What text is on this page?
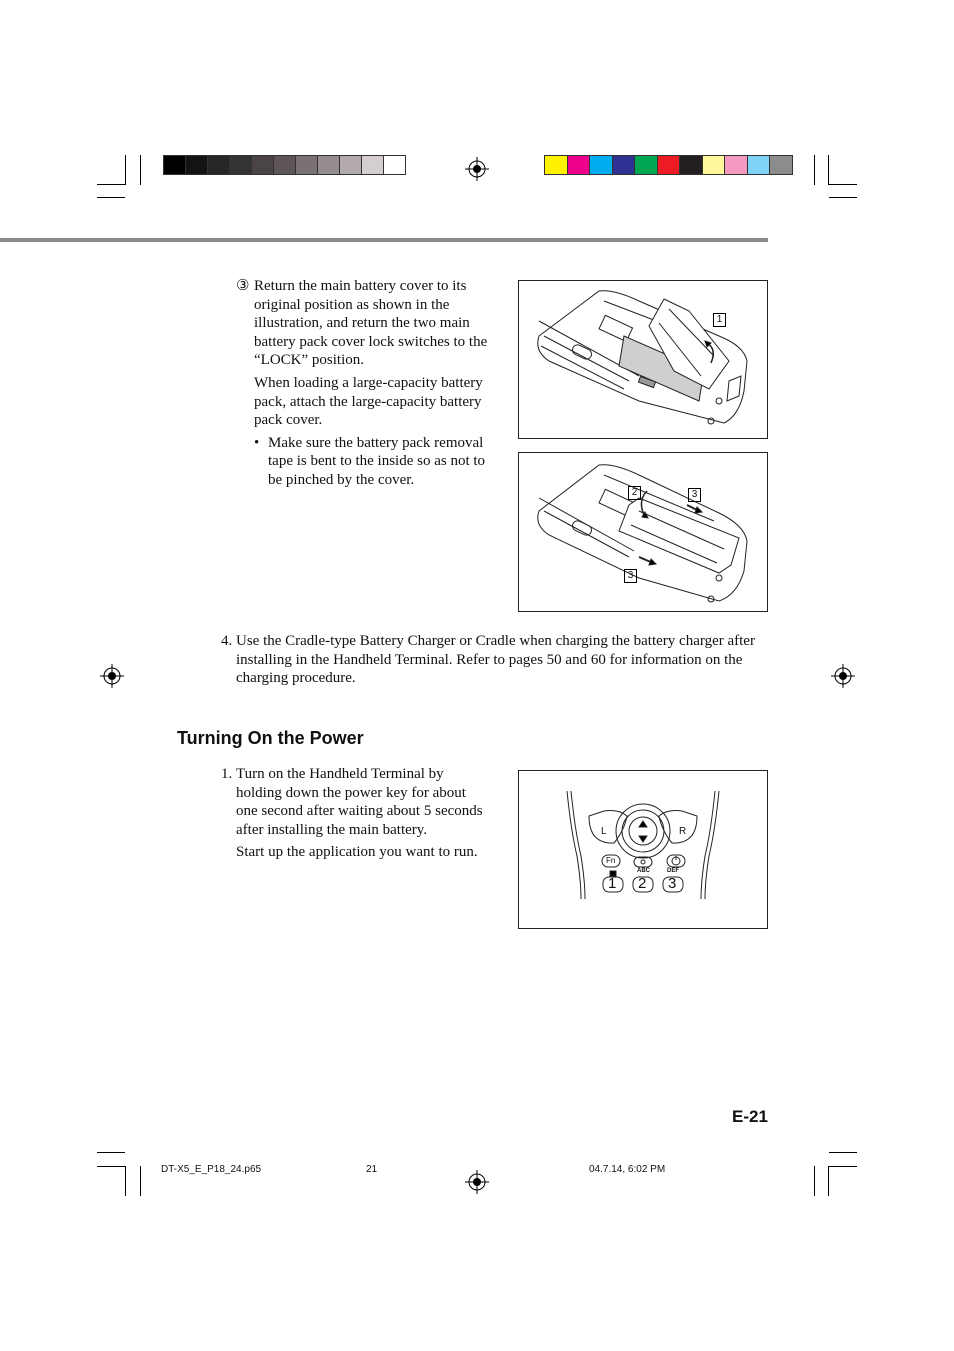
③ Return the main battery cover to its
original position as shown in the
illustration, and return the two main
battery pack cover lock switches to the
“LOCK” position.
When loading a large-capacity battery
pack, attach the large-capacity battery
pack cover.
• Make sure the battery pack removal
tape is bent to the inside so as not to
be pinched by the cover.
1
2	3
3
4. Use the Cradle-type Battery Charger or Cradle when charging the battery charger after
installing in the Handheld Terminal. Refer to pages 50 and 60 for information on the
charging procedure.
Turning On the Power
1. Turn on the Handheld Terminal by
holding down the power key for about
one second after waiting about 5 seconds
after installing the main battery.
Start up the application you want to run.
L	R
Fn
ABC	DEF
1 2 3
E-21
DT-X5_E_P18_24.p65	21	04.7.14, 6:02 PM
